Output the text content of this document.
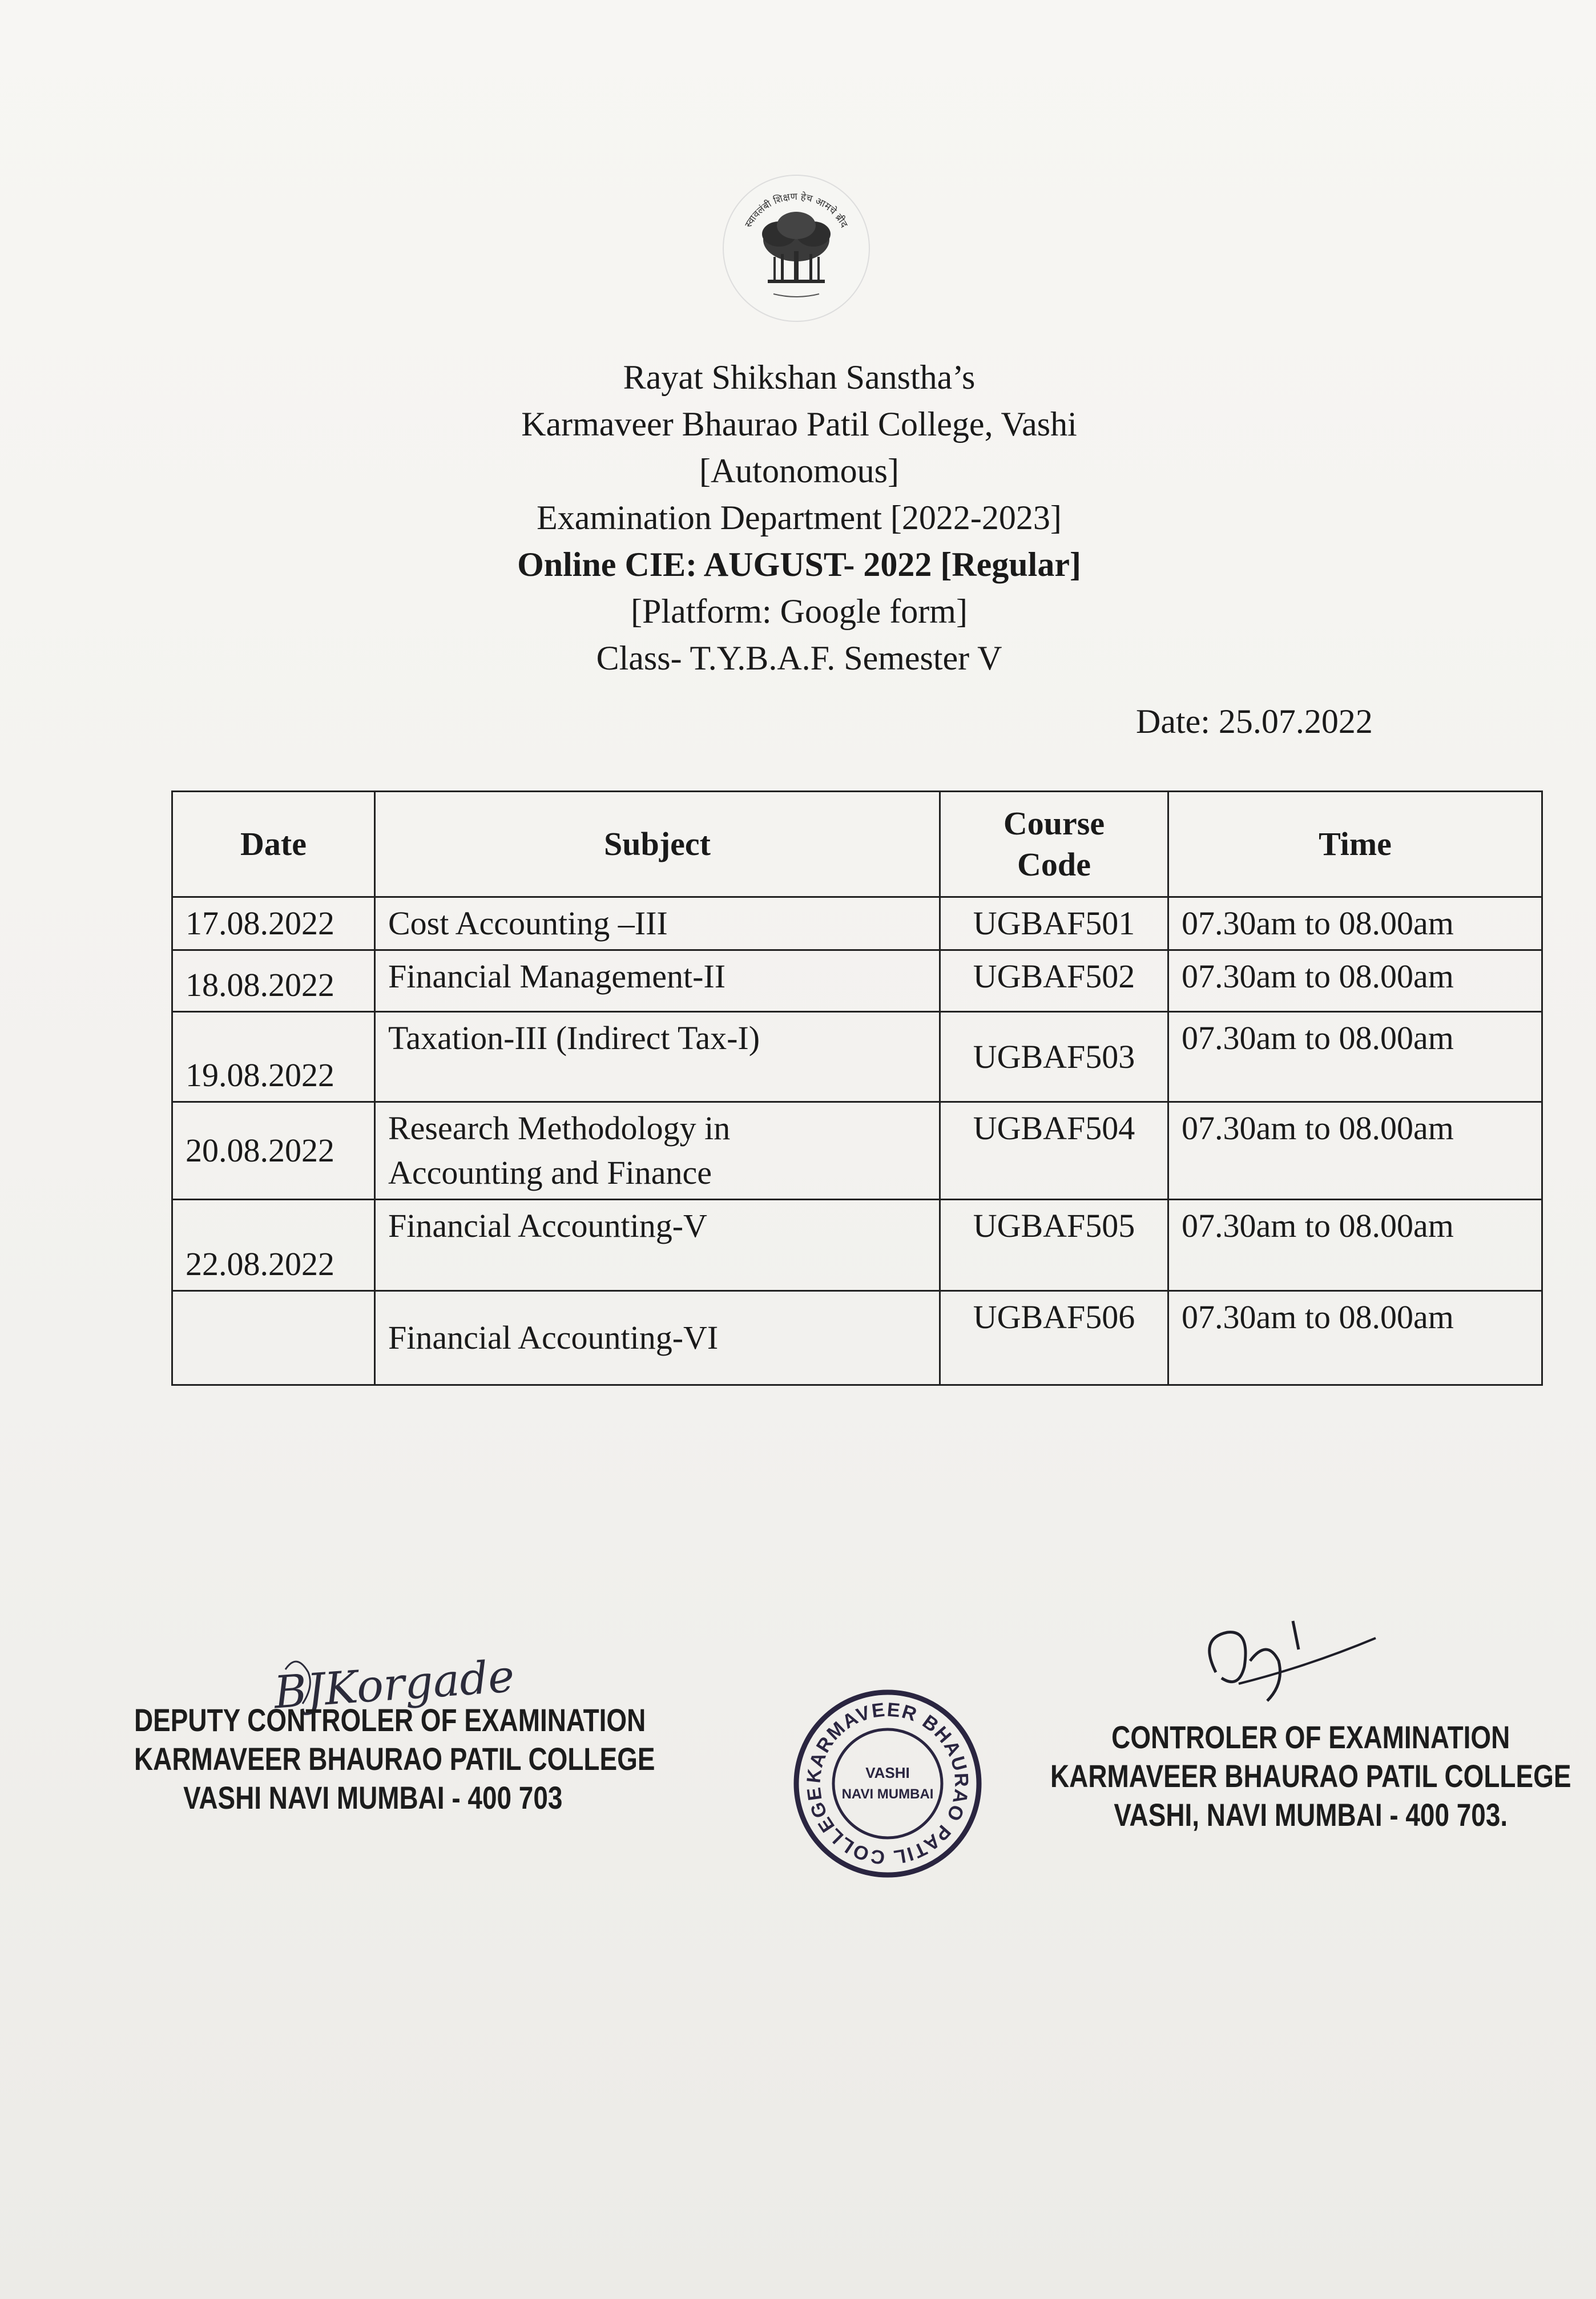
स्वावलंबी शिक्षण हेच आमचे ब्रीद
Rayat Shikshan Sanstha’s
Karmaveer Bhaurao Patil College, Vashi
[Autonomous]
Examination Department [2022-2023]
Online CIE: AUGUST- 2022 [Regular]
[Platform: Google form]
Class- T.Y.B.A.F. Semester V
Date: 25.07.2022
Date	Subject	Course
Code	Time
17.08.2022	Cost Accounting –III	UGBAF501	07.30am to 08.00am
18.08.2022	Financial Management-II	UGBAF502	07.30am to 08.00am
19.08.2022	Taxation-III (Indirect Tax-I)	UGBAF503	07.30am to 08.00am
20.08.2022	Research Methodology in
Accounting and Finance	UGBAF504	07.30am to 08.00am
22.08.2022	Financial Accounting-V	UGBAF505	07.30am to 08.00am
	Financial Accounting-VI	UGBAF506	07.30am to 08.00am
BJKorgade
DEPUTY CONTROLER OF EXAMINATION
KARMAVEER BHAURAO PATIL COLLEGE
VASHI NAVI MUMBAI - 400 703
KARMAVEER BHAURAO PATIL COLLEGE
VASHI
NAVI MUMBAI
CONTROLER OF EXAMINATION
KARMAVEER BHAURAO PATIL COLLEGE
VASHI, NAVI MUMBAI - 400 703.
